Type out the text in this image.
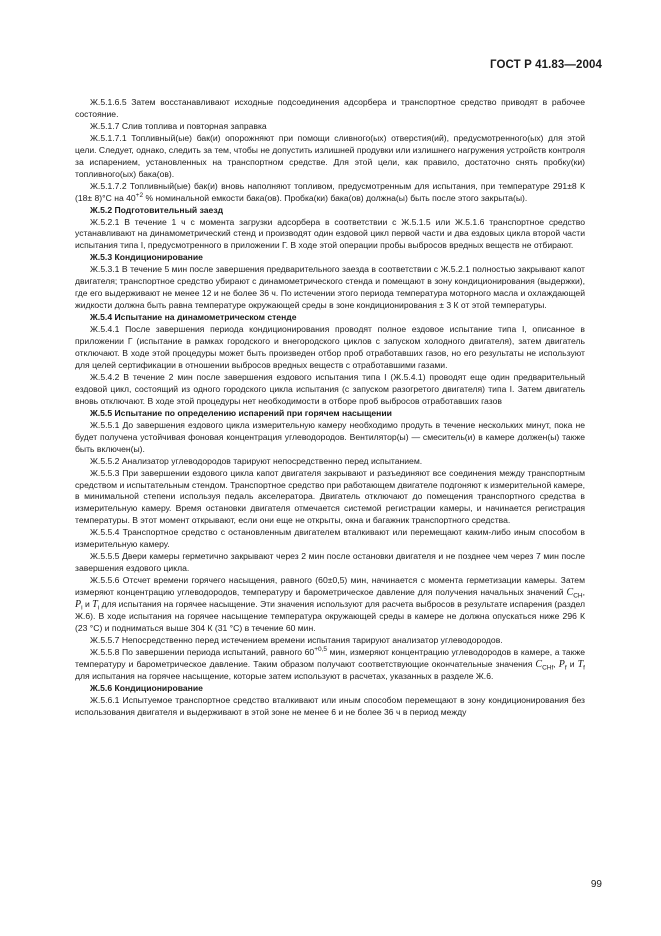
ГОСТ Р 41.83—2004

Ж.5.1.6.5 Затем восстанавливают исходные подсоединения адсорбера и транспортное средство приводят в рабочее состояние.

Ж.5.1.7 Слив топлива и повторная заправка

Ж.5.1.7.1 Топливный(ые) бак(и) опорожняют при помощи сливного(ых) отверстия(ий), предусмотренного(ых) для этой цели. Следует, однако, следить за тем, чтобы не допустить излишней продувки или излишнего нагружения устройств контроля за испарением, установленных на транспортном средстве. Для этой цели, как правило, достаточно снять пробку(ки) топливного(ых) бака(ов).

Ж.5.1.7.2 Топливный(ые) бак(и) вновь наполняют топливом, предусмотренным для испытания, при температуре 291±8 К (18± 8)°С на $40^{+2}$ % номинальной емкости бака(ов). Пробка(ки) бака(ов) должна(ы) быть после этого закрыта(ы).

Ж.5.2 Подготовительный заезд

Ж.5.2.1 В течение 1 ч с момента загрузки адсорбера в соответствии с Ж.5.1.5 или Ж.5.1.6 транспортное средство устанавливают на динамометрический стенд и производят один ездовой цикл первой части и два ездовых цикла второй части испытания типа I, предусмотренного в приложении Г. В ходе этой операции пробы выбросов вредных веществ не отбирают.

Ж.5.3 Кондиционирование

Ж.5.3.1 В течение 5 мин после завершения предварительного заезда в соответствии с Ж.5.2.1 полностью закрывают капот двигателя; транспортное средство убирают с динамометрического стенда и помещают в зону кондиционирования (выдержки), где его выдерживают не менее 12 и не более 36 ч. По истечении этого периода температура моторного масла и охлаждающей жидкости должна быть равна температуре окружающей среды в зоне кондиционирования ± 3 К от этой температуры.

Ж.5.4 Испытание на динамометрическом стенде

Ж.5.4.1 После завершения периода кондиционирования проводят полное ездовое испытание типа I, описанное в приложении Г (испытание в рамках городского и внегородского циклов с запуском холодного двигателя), затем двигатель отключают. В ходе этой процедуры может быть произведен отбор проб отработавших газов, но его результаты не используют для целей сертификации в отношении выбросов вредных веществ с отработавшими газами.

Ж.5.4.2 В течение 2 мин после завершения ездового испытания типа I (Ж.5.4.1) проводят еще один предварительный ездовой цикл, состоящий из одного городского цикла испытания (с запуском разогретого двигателя) типа I. Затем двигатель вновь отключают. В ходе этой процедуры нет необходимости в отборе проб выбросов отработавших газов

Ж.5.5 Испытание по определению испарений при горячем насыщении

Ж.5.5.1 До завершения ездового цикла измерительную камеру необходимо продуть в течение нескольких минут, пока не будет получена устойчивая фоновая концентрация углеводородов. Вентилятор(ы) — смеситель(и) в камере должен(ы) также быть включен(ы).

Ж.5.5.2 Анализатор углеводородов тарируют непосредственно перед испытанием.

Ж.5.5.3 При завершении ездового цикла капот двигателя закрывают и разъединяют все соединения между транспортным средством и испытательным стендом. Транспортное средство при работающем двигателе подгоняют к измерительной камере, в минимальной степени используя педаль акселератора. Двигатель отключают до помещения транспортного средства в измерительную камеру. Время остановки двигателя отмечается системой регистрации камеры, и начинается регистрация температуры. В этот момент открывают, если они еще не открыты, окна и багажник транспортного средства.

Ж.5.5.4 Транспортное средство с остановленным двигателем вталкивают или перемещают каким-либо иным способом в измерительную камеру.

Ж.5.5.5 Двери камеры герметично закрывают через 2 мин после остановки двигателя и не позднее чем через 7 мин после завершения ездового цикла.

Ж.5.5.6 Отсчет времени горячего насыщения, равного (60±0,5) мин, начинается с момента герметизации камеры. Затем измеряют концентрацию углеводородов, температуру и барометрическое давление для получения начальных значений $C_{CH}$, $P_i$ и $T_i$ для испытания на горячее насыщение. Эти значения используют для расчета выбросов в результате испарения (раздел Ж.6). В ходе испытания на горячее насыщение температура окружающей среды в камере не должна опускаться ниже 296 К (23 °С) и подниматься выше 304 К (31 °С) в течение 60 мин.

Ж.5.5.7 Непосредственно перед истечением времени испытания тарируют анализатор углеводородов.

Ж.5.5.8 По завершении периода испытаний, равного $60^{+0,5}$ мин, измеряют концентрацию углеводородов в камере, а также температуру и барометрическое давление. Таким образом получают соответствующие окончательные значения $C_{CHf}$, $P_f$ и $T_f$ для испытания на горячее насыщение, которые затем используют в расчетах, указанных в разделе Ж.6.

Ж.5.6 Кондиционирование

Ж.5.6.1 Испытуемое транспортное средство вталкивают или иным способом перемещают в зону кондиционирования без использования двигателя и выдерживают в этой зоне не менее 6 и не более 36 ч в период между

99
